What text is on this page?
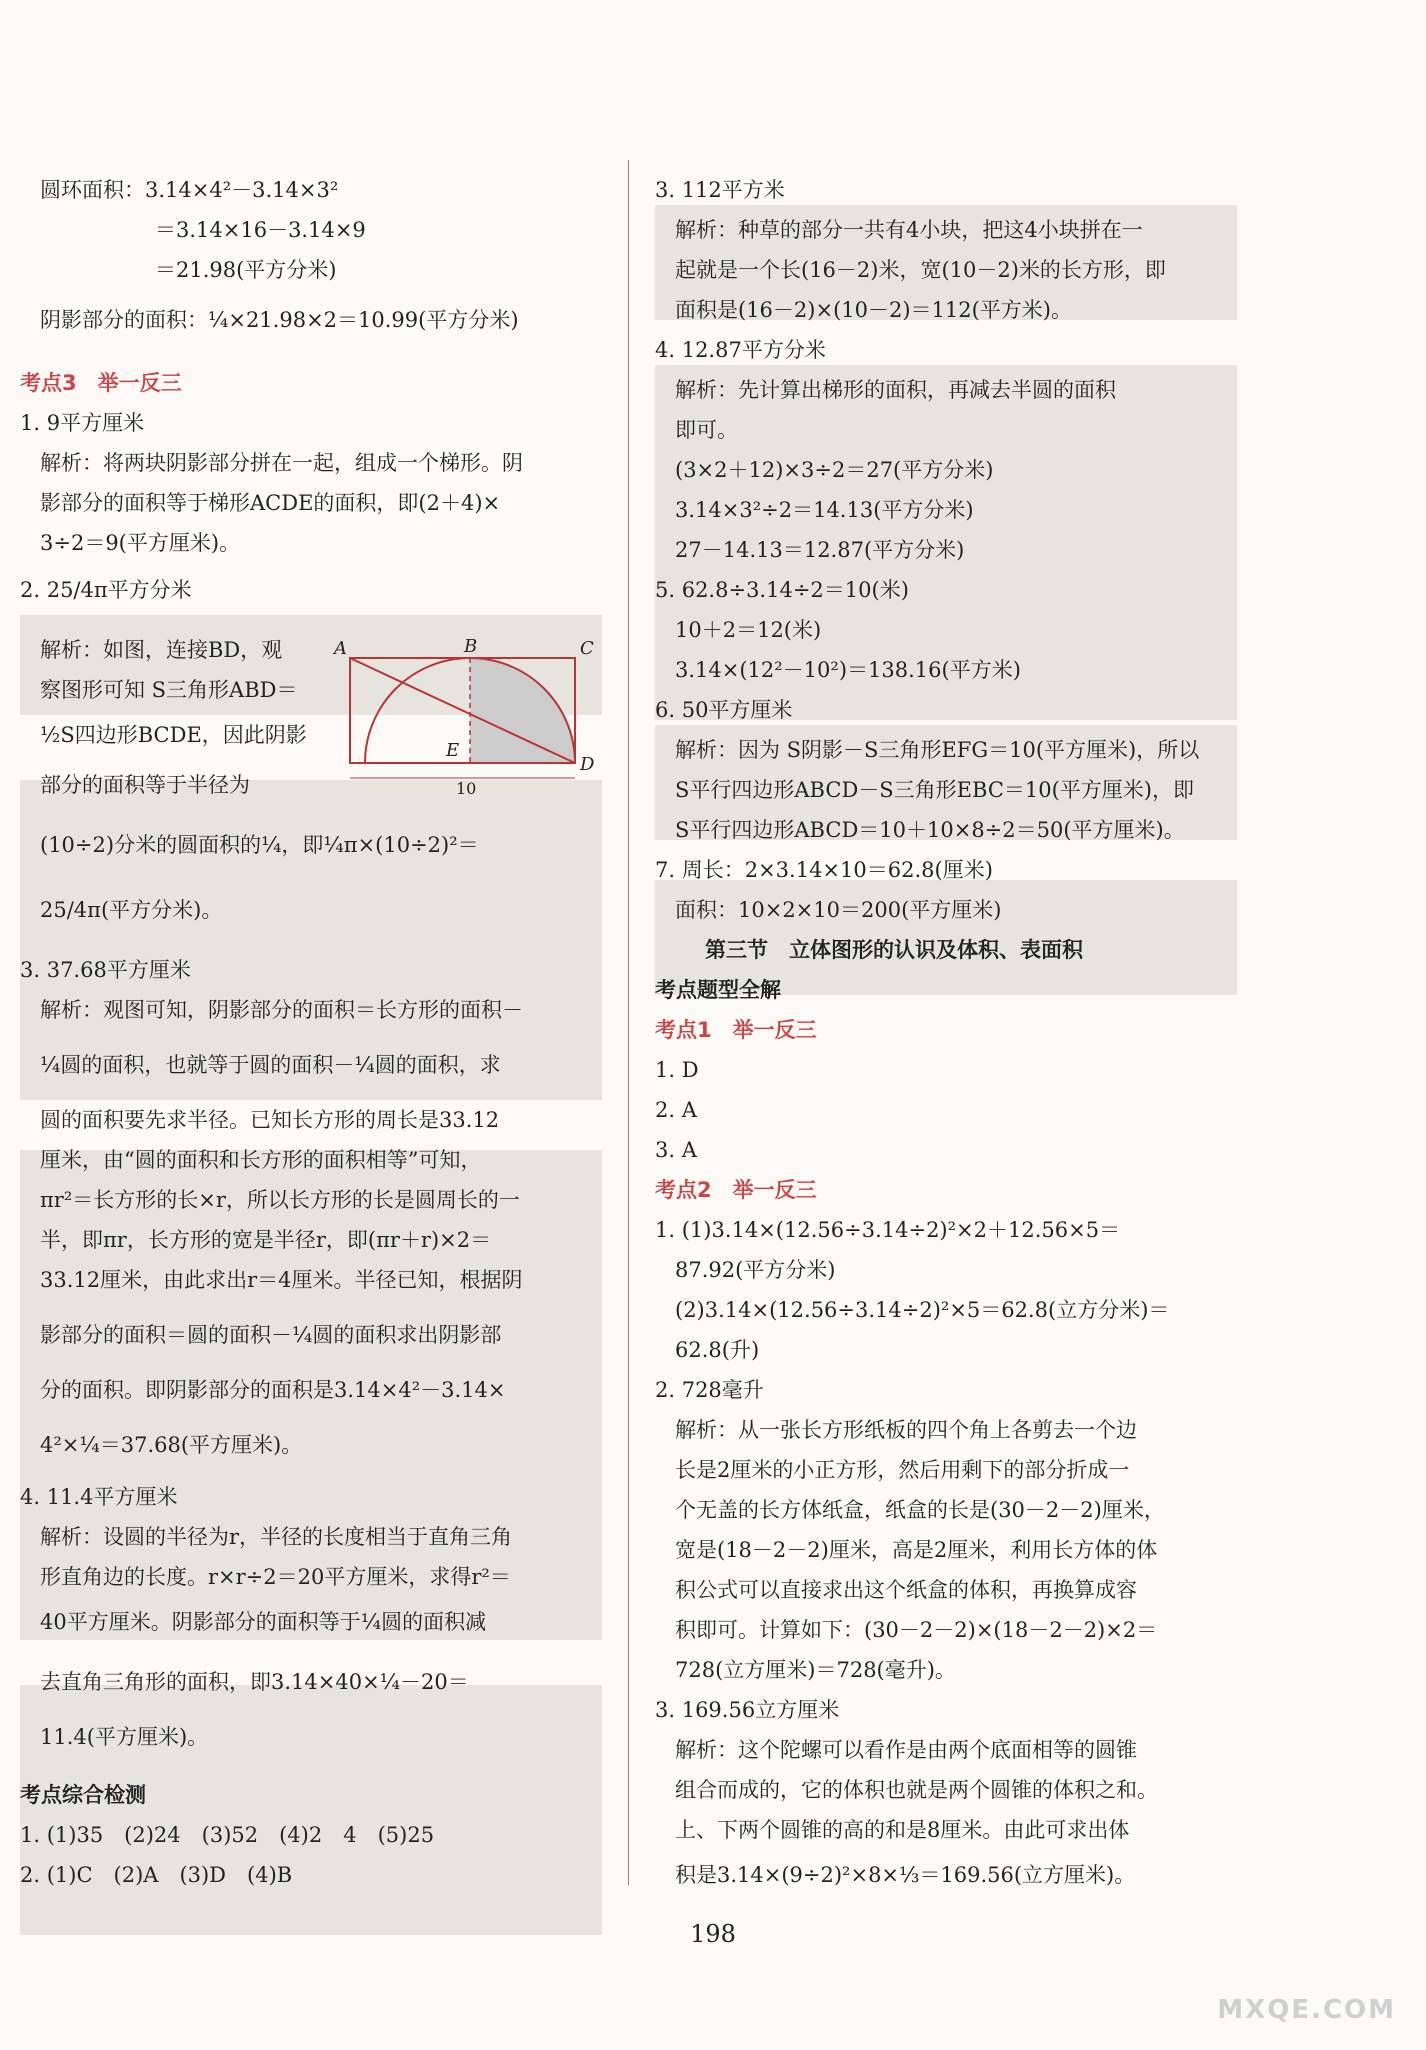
圆环面积：3.14×4²－3.14×3²
＝3.14×16－3.14×9
＝21.98(平方分米)
阴影部分的面积：¼×21.98×2＝10.99(平方分米)
考点3　举一反三
1. 9平方厘米
解析：将两块阴影部分拼在一起，组成一个梯形。阴
影部分的面积等于梯形ACDE的面积，即(2＋4)×
3÷2＝9(平方厘米)。
2. 25/4π平方分米
解析：如图，连接BD，观
察图形可知 S三角形ABD＝
½S四边形BCDE，因此阴影
部分的面积等于半径为
(10÷2)分米的圆面积的¼，即¼π×(10÷2)²＝
25/4π(平方分米)。
3. 37.68平方厘米
解析：观图可知，阴影部分的面积＝长方形的面积－
¼圆的面积，也就等于圆的面积－¼圆的面积，求
圆的面积要先求半径。已知长方形的周长是33.12
厘米，由“圆的面积和长方形的面积相等”可知，
πr²＝长方形的长×r，所以长方形的长是圆周长的一
半，即πr，长方形的宽是半径r，即(πr＋r)×2＝
33.12厘米，由此求出r＝4厘米。半径已知，根据阴
影部分的面积＝圆的面积－¼圆的面积求出阴影部
分的面积。即阴影部分的面积是3.14×4²－3.14×
4²×¼＝37.68(平方厘米)。
4. 11.4平方厘米
解析：设圆的半径为r，半径的长度相当于直角三角
形直角边的长度。r×r÷2＝20平方厘米，求得r²＝
40平方厘米。阴影部分的面积等于¼圆的面积减
去直角三角形的面积，即3.14×40×¼－20＝
11.4(平方厘米)。
考点综合检测
1. (1)35　(2)24　(3)52　(4)2　4　(5)25
2. (1)C　(2)A　(3)D　(4)B
A	B	C
D
E
10
3. 112平方米
解析：种草的部分一共有4小块，把这4小块拼在一
起就是一个长(16－2)米，宽(10－2)米的长方形，即
面积是(16－2)×(10－2)＝112(平方米)。
4. 12.87平方分米
解析：先计算出梯形的面积，再减去半圆的面积
即可。
(3×2＋12)×3÷2＝27(平方分米)
3.14×3²÷2＝14.13(平方分米)
27－14.13＝12.87(平方分米)
5. 62.8÷3.14÷2＝10(米)
10＋2＝12(米)
3.14×(12²－10²)＝138.16(平方米)
6. 50平方厘米
解析：因为 S阴影－S三角形EFG＝10(平方厘米)，所以
S平行四边形ABCD－S三角形EBC＝10(平方厘米)，即
S平行四边形ABCD＝10＋10×8÷2＝50(平方厘米)。
7. 周长：2×3.14×10＝62.8(厘米)
面积：10×2×10＝200(平方厘米)
第三节　立体图形的认识及体积、表面积
考点题型全解
考点1　举一反三
1. D
2. A
3. A
考点2　举一反三
1. (1)3.14×(12.56÷3.14÷2)²×2＋12.56×5＝
87.92(平方分米)
(2)3.14×(12.56÷3.14÷2)²×5＝62.8(立方分米)＝
62.8(升)
2. 728毫升
解析：从一张长方形纸板的四个角上各剪去一个边
长是2厘米的小正方形，然后用剩下的部分折成一
个无盖的长方体纸盒，纸盒的长是(30－2－2)厘米，
宽是(18－2－2)厘米，高是2厘米，利用长方体的体
积公式可以直接求出这个纸盒的体积，再换算成容
积即可。计算如下：(30－2－2)×(18－2－2)×2＝
728(立方厘米)＝728(毫升)。
3. 169.56立方厘米
解析：这个陀螺可以看作是由两个底面相等的圆锥
组合而成的，它的体积也就是两个圆锥的体积之和。
上、下两个圆锥的高的和是8厘米。由此可求出体
积是3.14×(9÷2)²×8×⅓＝169.56(立方厘米)。
198
MXQE.COM
